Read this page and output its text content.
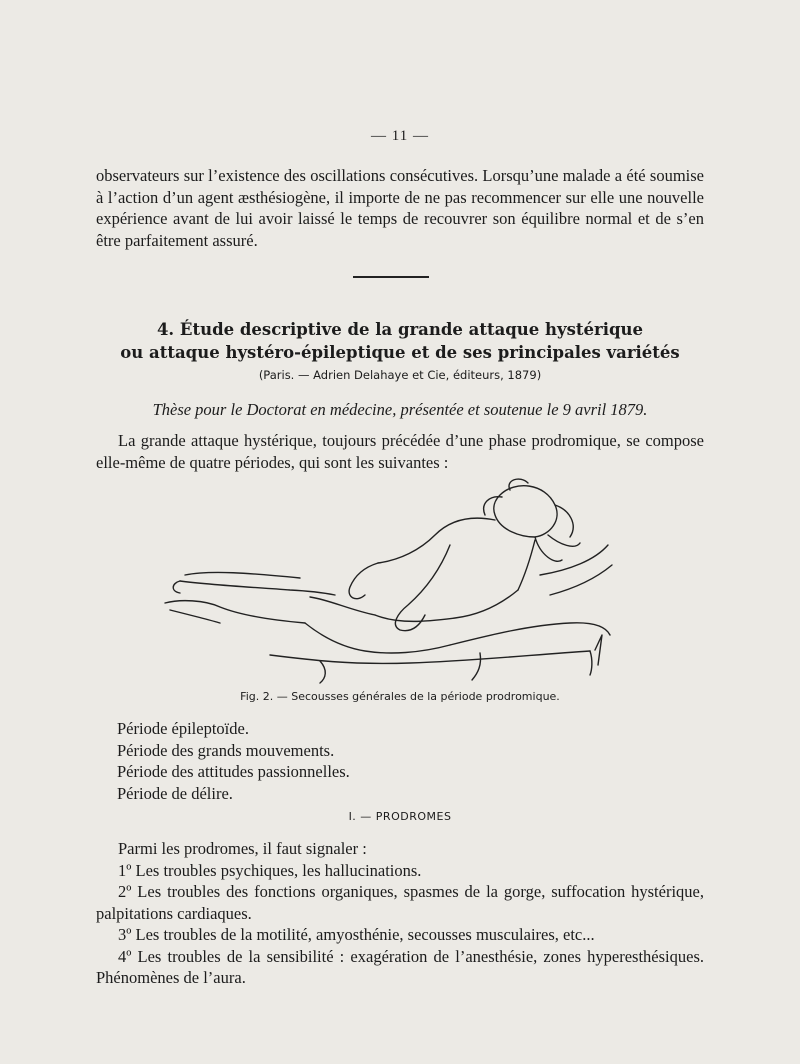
— 11 —
observateurs sur l’existence des oscillations consécutives. Lorsqu’une malade a été soumise à l’action d’un agent æsthésiogène, il importe de ne pas recommencer sur elle une nouvelle expérience avant de lui avoir laissé le temps de recouvrer son équilibre normal et de s’en être parfaitement assuré.
4. Étude descriptive de la grande attaque hystérique
ou attaque hystéro-épileptique et de ses principales variétés
(Paris. — Adrien Delahaye et Cie, éditeurs, 1879)
Thèse pour le Doctorat en médecine, présentée et soutenue le 9 avril 1879.
La grande attaque hystérique, toujours précédée d’une phase prodromique, se compose elle-même de quatre périodes, qui sont les suivantes :
Fig. 2. — Secousses générales de la période prodromique.
Période épileptoïde.
Période des grands mouvements.
Période des attitudes passionnelles.
Période de délire.
I. — PRODROMES
Parmi les prodromes, il faut signaler :
1º Les troubles psychiques, les hallucinations.
2º Les troubles des fonctions organiques, spasmes de la gorge, suffocation hystérique, palpitations cardiaques.
3º Les troubles de la motilité, amyosthénie, secousses musculaires, etc...
4º Les troubles de la sensibilité : exagération de l’anesthésie, zones hyperesthésiques. Phénomènes de l’aura.
